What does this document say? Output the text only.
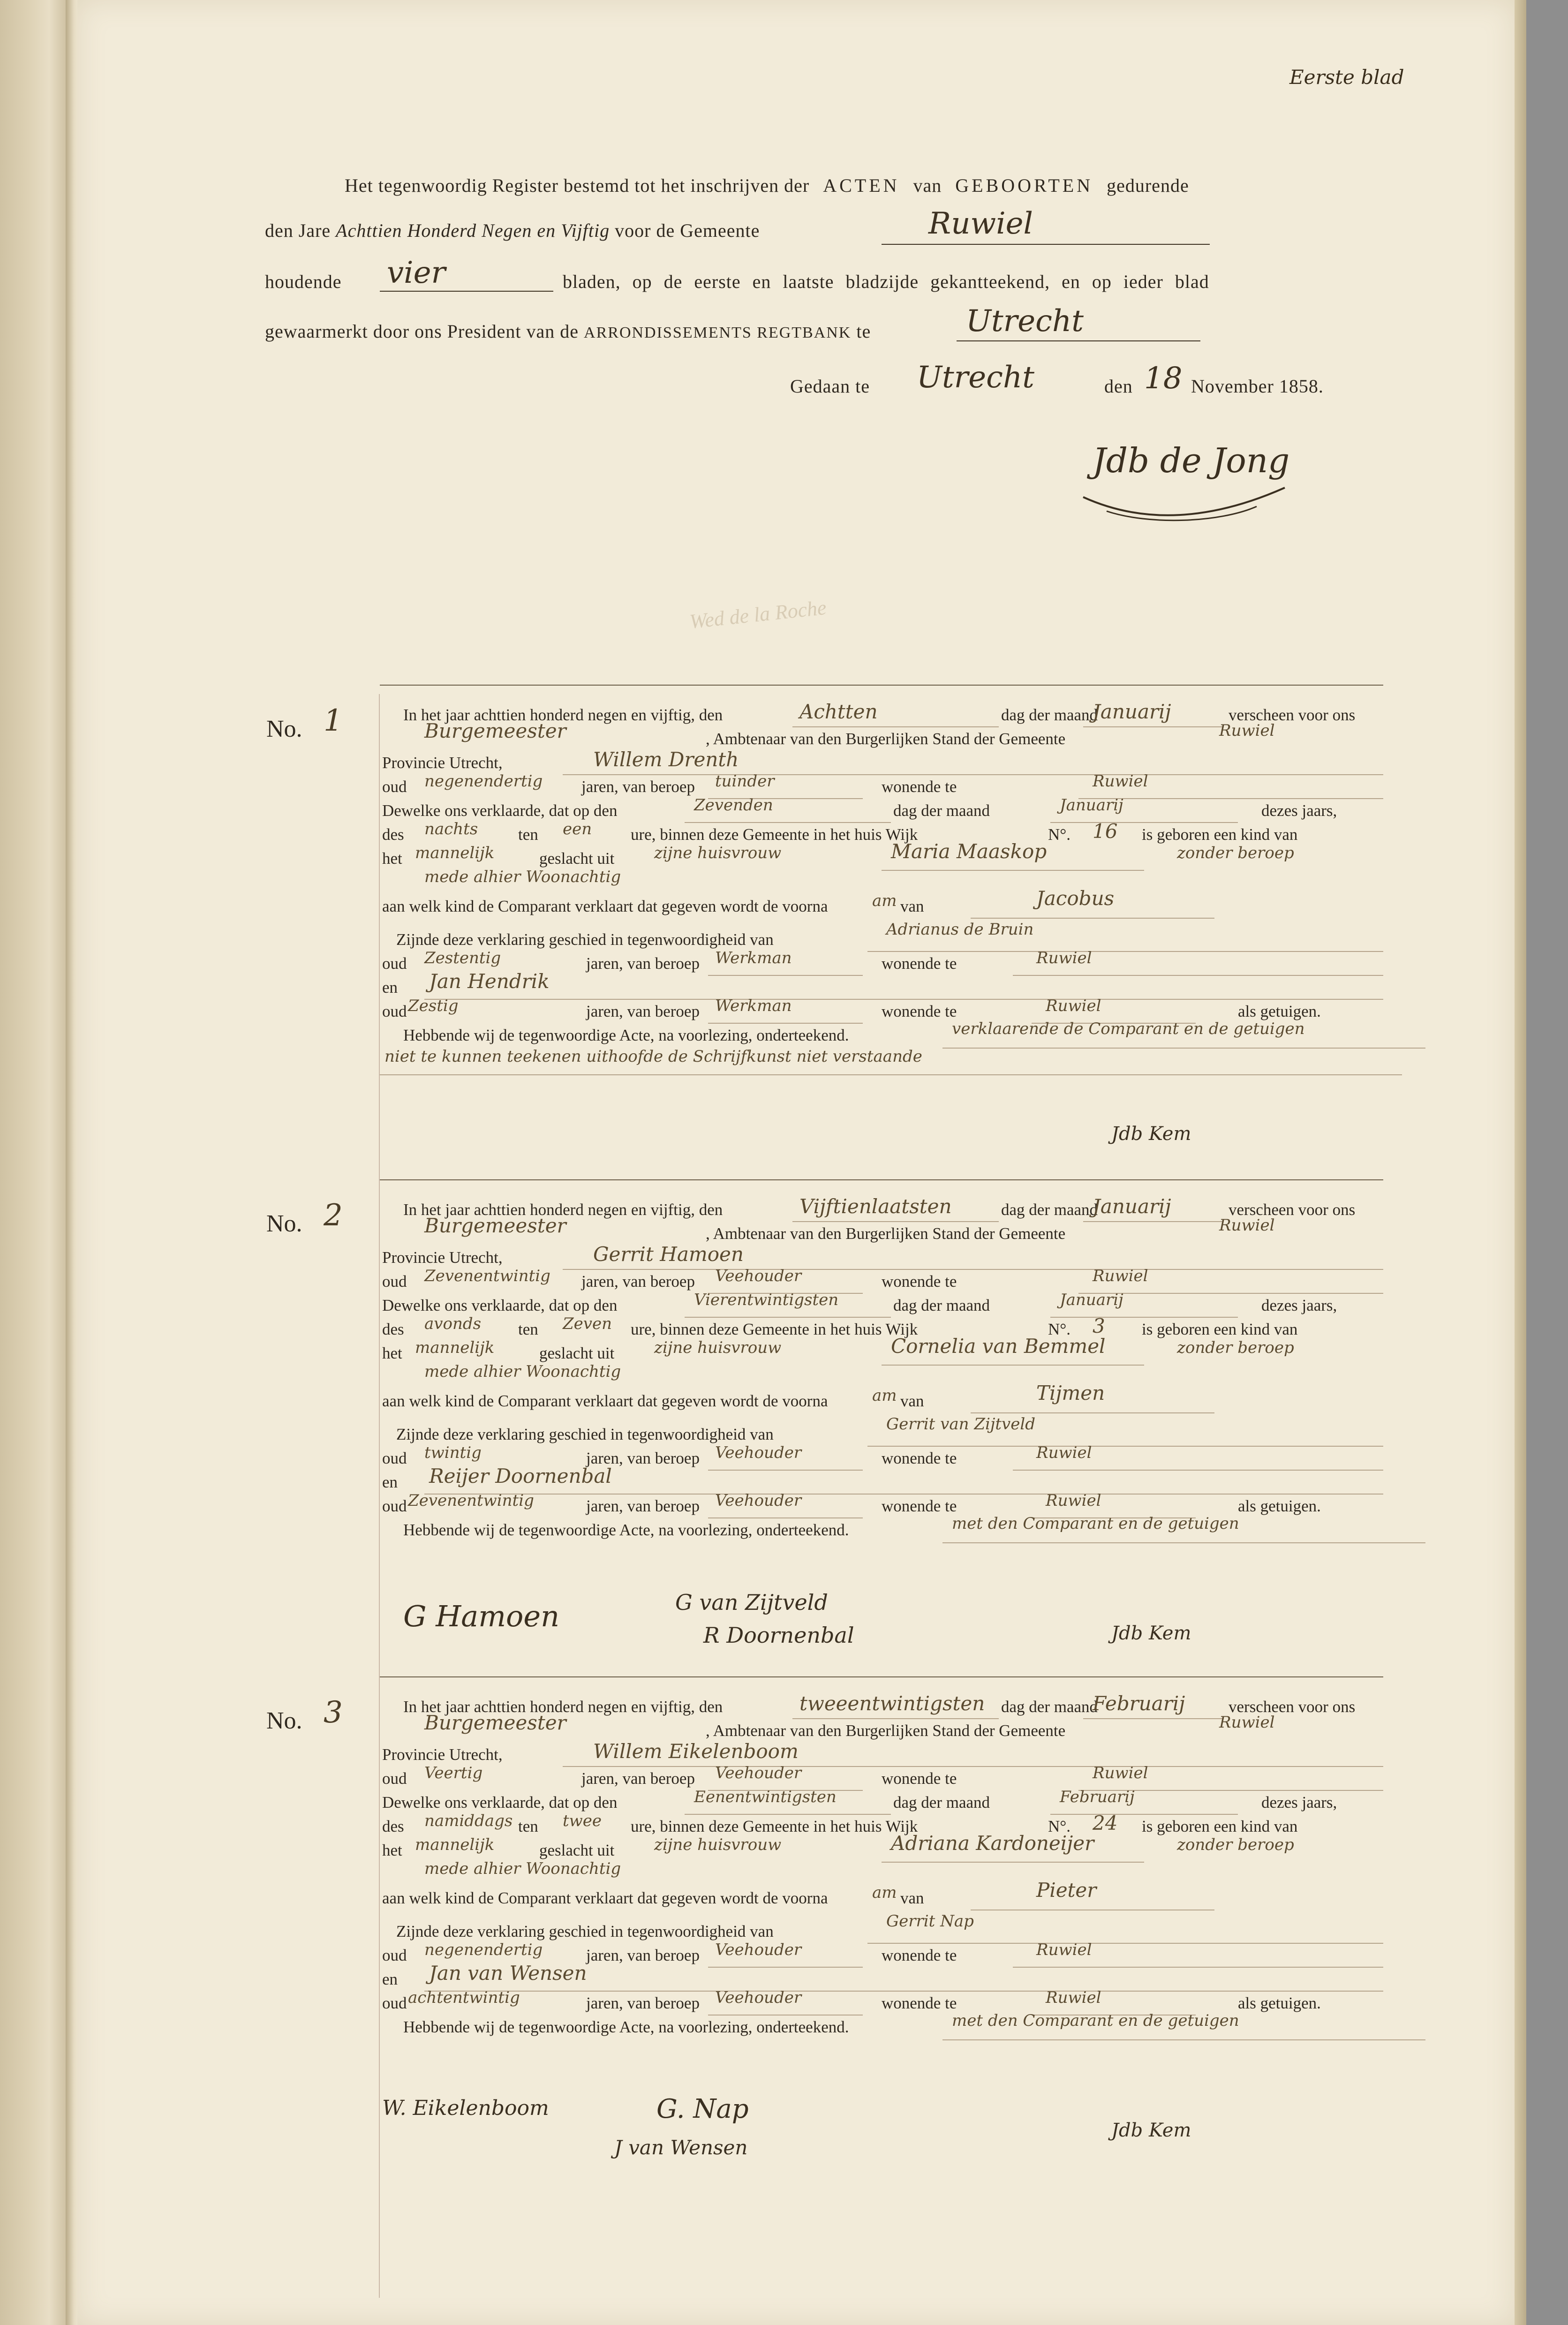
Eerste blad
Het tegenwoordig Register bestemd tot het inschrijven der ACTEN van GEBOORTEN gedurende
den Jare Achttien Honderd Negen en Vijftig voor de Gemeente	Ruwiel
houdende vier	bladen, op de eerste en laatste bladzijde gekantteekend, en op ieder blad
gewaarmerkt door ons President van de ARRONDISSEMENTS REGTBANK te	Utrecht
Gedaan te Utrecht	den 18 November 1858.
Jdb de Jong
Wed de la Roche
No. 1	In het jaar achttien honderd negen en vijftig, den	Achtten	dag der maand
Januarij	verscheen voor ons
Burgemeester	, Ambtenaar van den Burgerlijken Stand der Gemeente	Ruwiel
Provincie Utrecht,	Willem Drenth
oud negenendertig jaren, van beroep tuinder	wonende te	Ruwiel
Dewelke ons verklaarde, dat op den	Zevenden	dag der maand	Januarij	dezes jaars,
des nachts ten een ure, binnen deze Gemeente in het huis Wijk	N°. 16 is geboren een kind van
het mannelijk	geslacht uit zijne huisvrouw	Maria Maaskop	zonder beroep
mede alhier Woonachtig
aan welk kind de Comparant verklaart dat gegeven wordt de voorna	am van	Jacobus
Zijnde deze verklaring geschied in tegenwoordigheid van
Adrianus de Bruin
oud Zestentig	jaren, van beroep Werkman	wonende te	Ruwiel
en Jan Hendrik
oud Zestig	jaren, van beroep Werkman	wonende te	Ruwiel	als getuigen.
Hebbende wij de tegenwoordige Acte, na voorlezing, onderteekend.	verklaarende de Comparant en de getuigen
niet te kunnen teekenen uithoofde de Schrijfkunst niet verstaande
Jdb Kem
No. 2	In het jaar achttien honderd negen en vijftig, den	Vijftienlaatsten	dag der maand
Januarij	verscheen voor ons
Burgemeester	, Ambtenaar van den Burgerlijken Stand der Gemeente	Ruwiel
Provincie Utrecht,	Gerrit Hamoen
oud Zevenentwintig jaren, van beroep Veehouder	wonende te	Ruwiel
Dewelke ons verklaarde, dat op den	Vierentwintigsten	dag der maand	Januarij	dezes jaars,
des avonds ten Zeven ure, binnen deze Gemeente in het huis Wijk	N°. 3 is geboren een kind van
het mannelijk	geslacht uit zijne huisvrouw	Cornelia van Bemmel	zonder beroep
mede alhier Woonachtig
aan welk kind de Comparant verklaart dat gegeven wordt de voorna	am van	Tijmen
Zijnde deze verklaring geschied in tegenwoordigheid van
Gerrit van Zijtveld
oud twintig	jaren, van beroep Veehouder	wonende te	Ruwiel
en Reijer Doornenbal
oud Zevenentwintig	jaren, van beroep Veehouder	wonende te	Ruwiel	als getuigen.
Hebbende wij de tegenwoordige Acte, na voorlezing, onderteekend.	met den Comparant en de getuigen
Jdb Kem
G Hamoen	G van Zijtveld
R Doornenbal
No. 3	In het jaar achttien honderd negen en vijftig, den	tweeentwintigsten dag der maand
Februarij	verscheen voor ons
Burgemeester	, Ambtenaar van den Burgerlijken Stand der Gemeente	Ruwiel
Provincie Utrecht,	Willem Eikelenboom
oud Veertig	jaren, van beroep Veehouder	wonende te	Ruwiel
Dewelke ons verklaarde, dat op den	Eenentwintigsten	dag der maand	Februarij	dezes jaars,
des namiddags ten twee ure, binnen deze Gemeente in het huis Wijk	N°. 24 is geboren een kind van
het mannelijk	geslacht uit zijne huisvrouw	Adriana Kardoneijer	zonder beroep
mede alhier Woonachtig
aan welk kind de Comparant verklaart dat gegeven wordt de voorna	am van	Pieter
Zijnde deze verklaring geschied in tegenwoordigheid van
Gerrit Nap
oud negenendertig	jaren, van beroep Veehouder	wonende te	Ruwiel
en Jan van Wensen
oud achtentwintig	jaren, van beroep Veehouder	wonende te	Ruwiel	als getuigen.
Hebbende wij de tegenwoordige Acte, na voorlezing, onderteekend.	met den Comparant en de getuigen
Jdb Kem
W. Eikelenboom	G. Nap
J van Wensen
